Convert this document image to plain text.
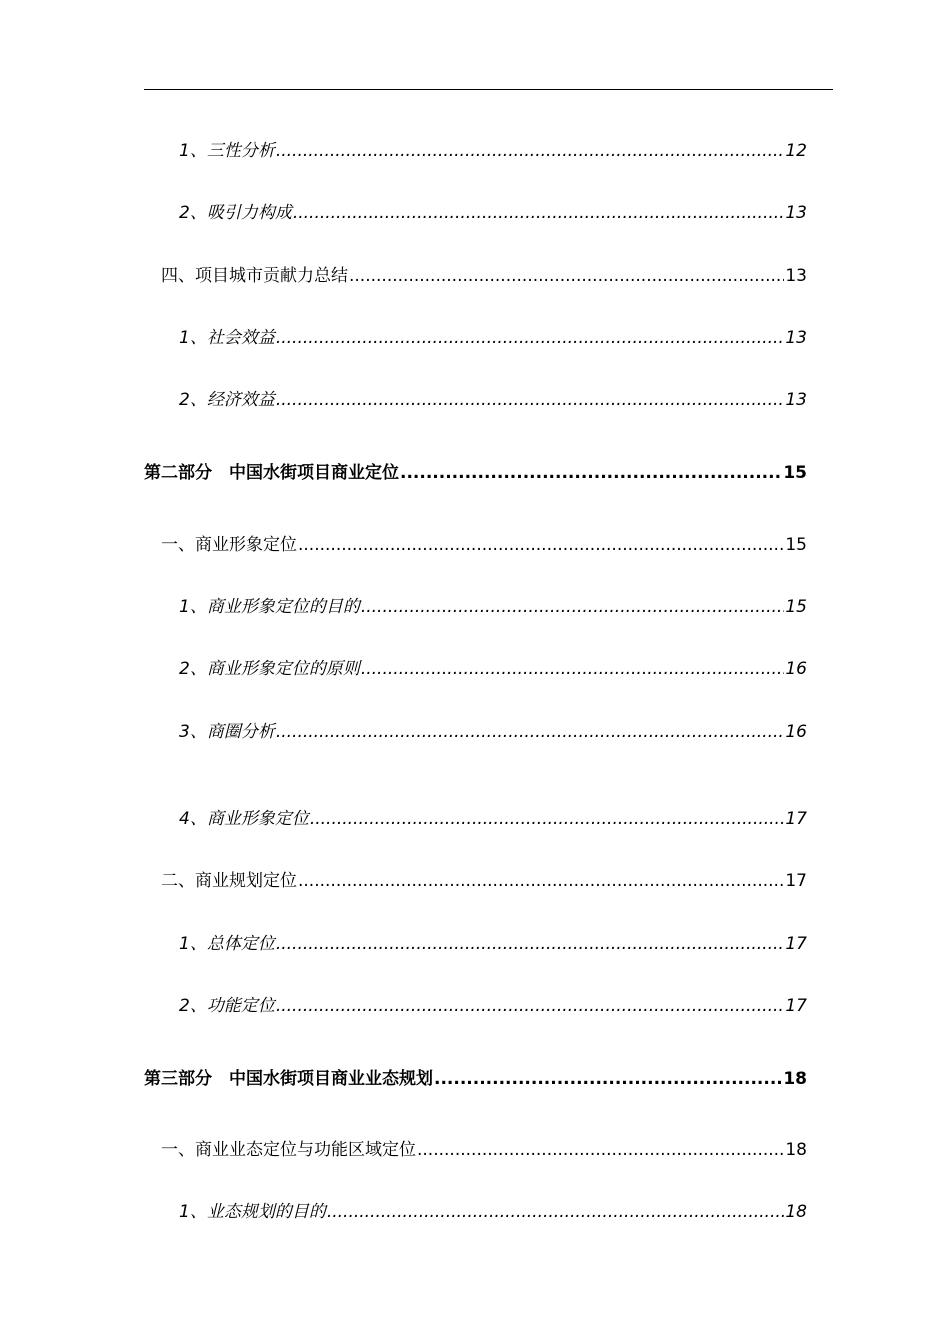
1、三性分析 .....	12
2、吸引力构成 .....	13
四、项目城市贡献力总结 .....	13
1、社会效益 .....	13
2、经济效益 .....	13
第二部分　中国水街项目商业定位 .....	15
一、商业形象定位 .....	15
1、商业形象定位的目的 .....	15
2、商业形象定位的原则 .....	16
3、商圈分析 .....	16
4、商业形象定位 .....	17
二、商业规划定位 .....	17
1、总体定位 .....	17
2、功能定位 .....	17
第三部分　中国水街项目商业业态规划 .....	18
一、商业业态定位与功能区域定位 .....	18
1、业态规划的目的 .....	18
